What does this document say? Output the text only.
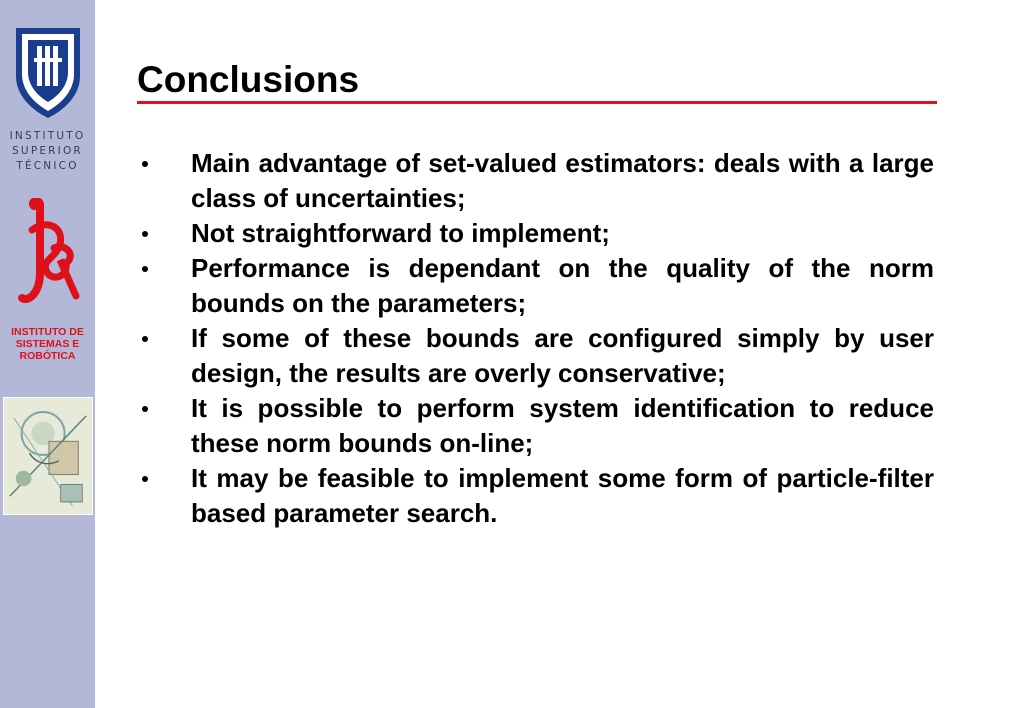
INSTITUTO
SUPERIOR
TÉCNICO
INSTITUTO DE
SISTEMAS E
ROBÓTICA
Conclusions
Main advantage of set-valued estimators: deals with a large class of uncertainties;
Not straightforward to implement;
Performance is dependant on the quality of the norm bounds on the parameters;
If some of these bounds are configured simply by user design, the results are overly conservative;
It is possible to perform system identification to reduce these norm bounds on-line;
It may be feasible to implement some form of particle-filter based parameter search.
